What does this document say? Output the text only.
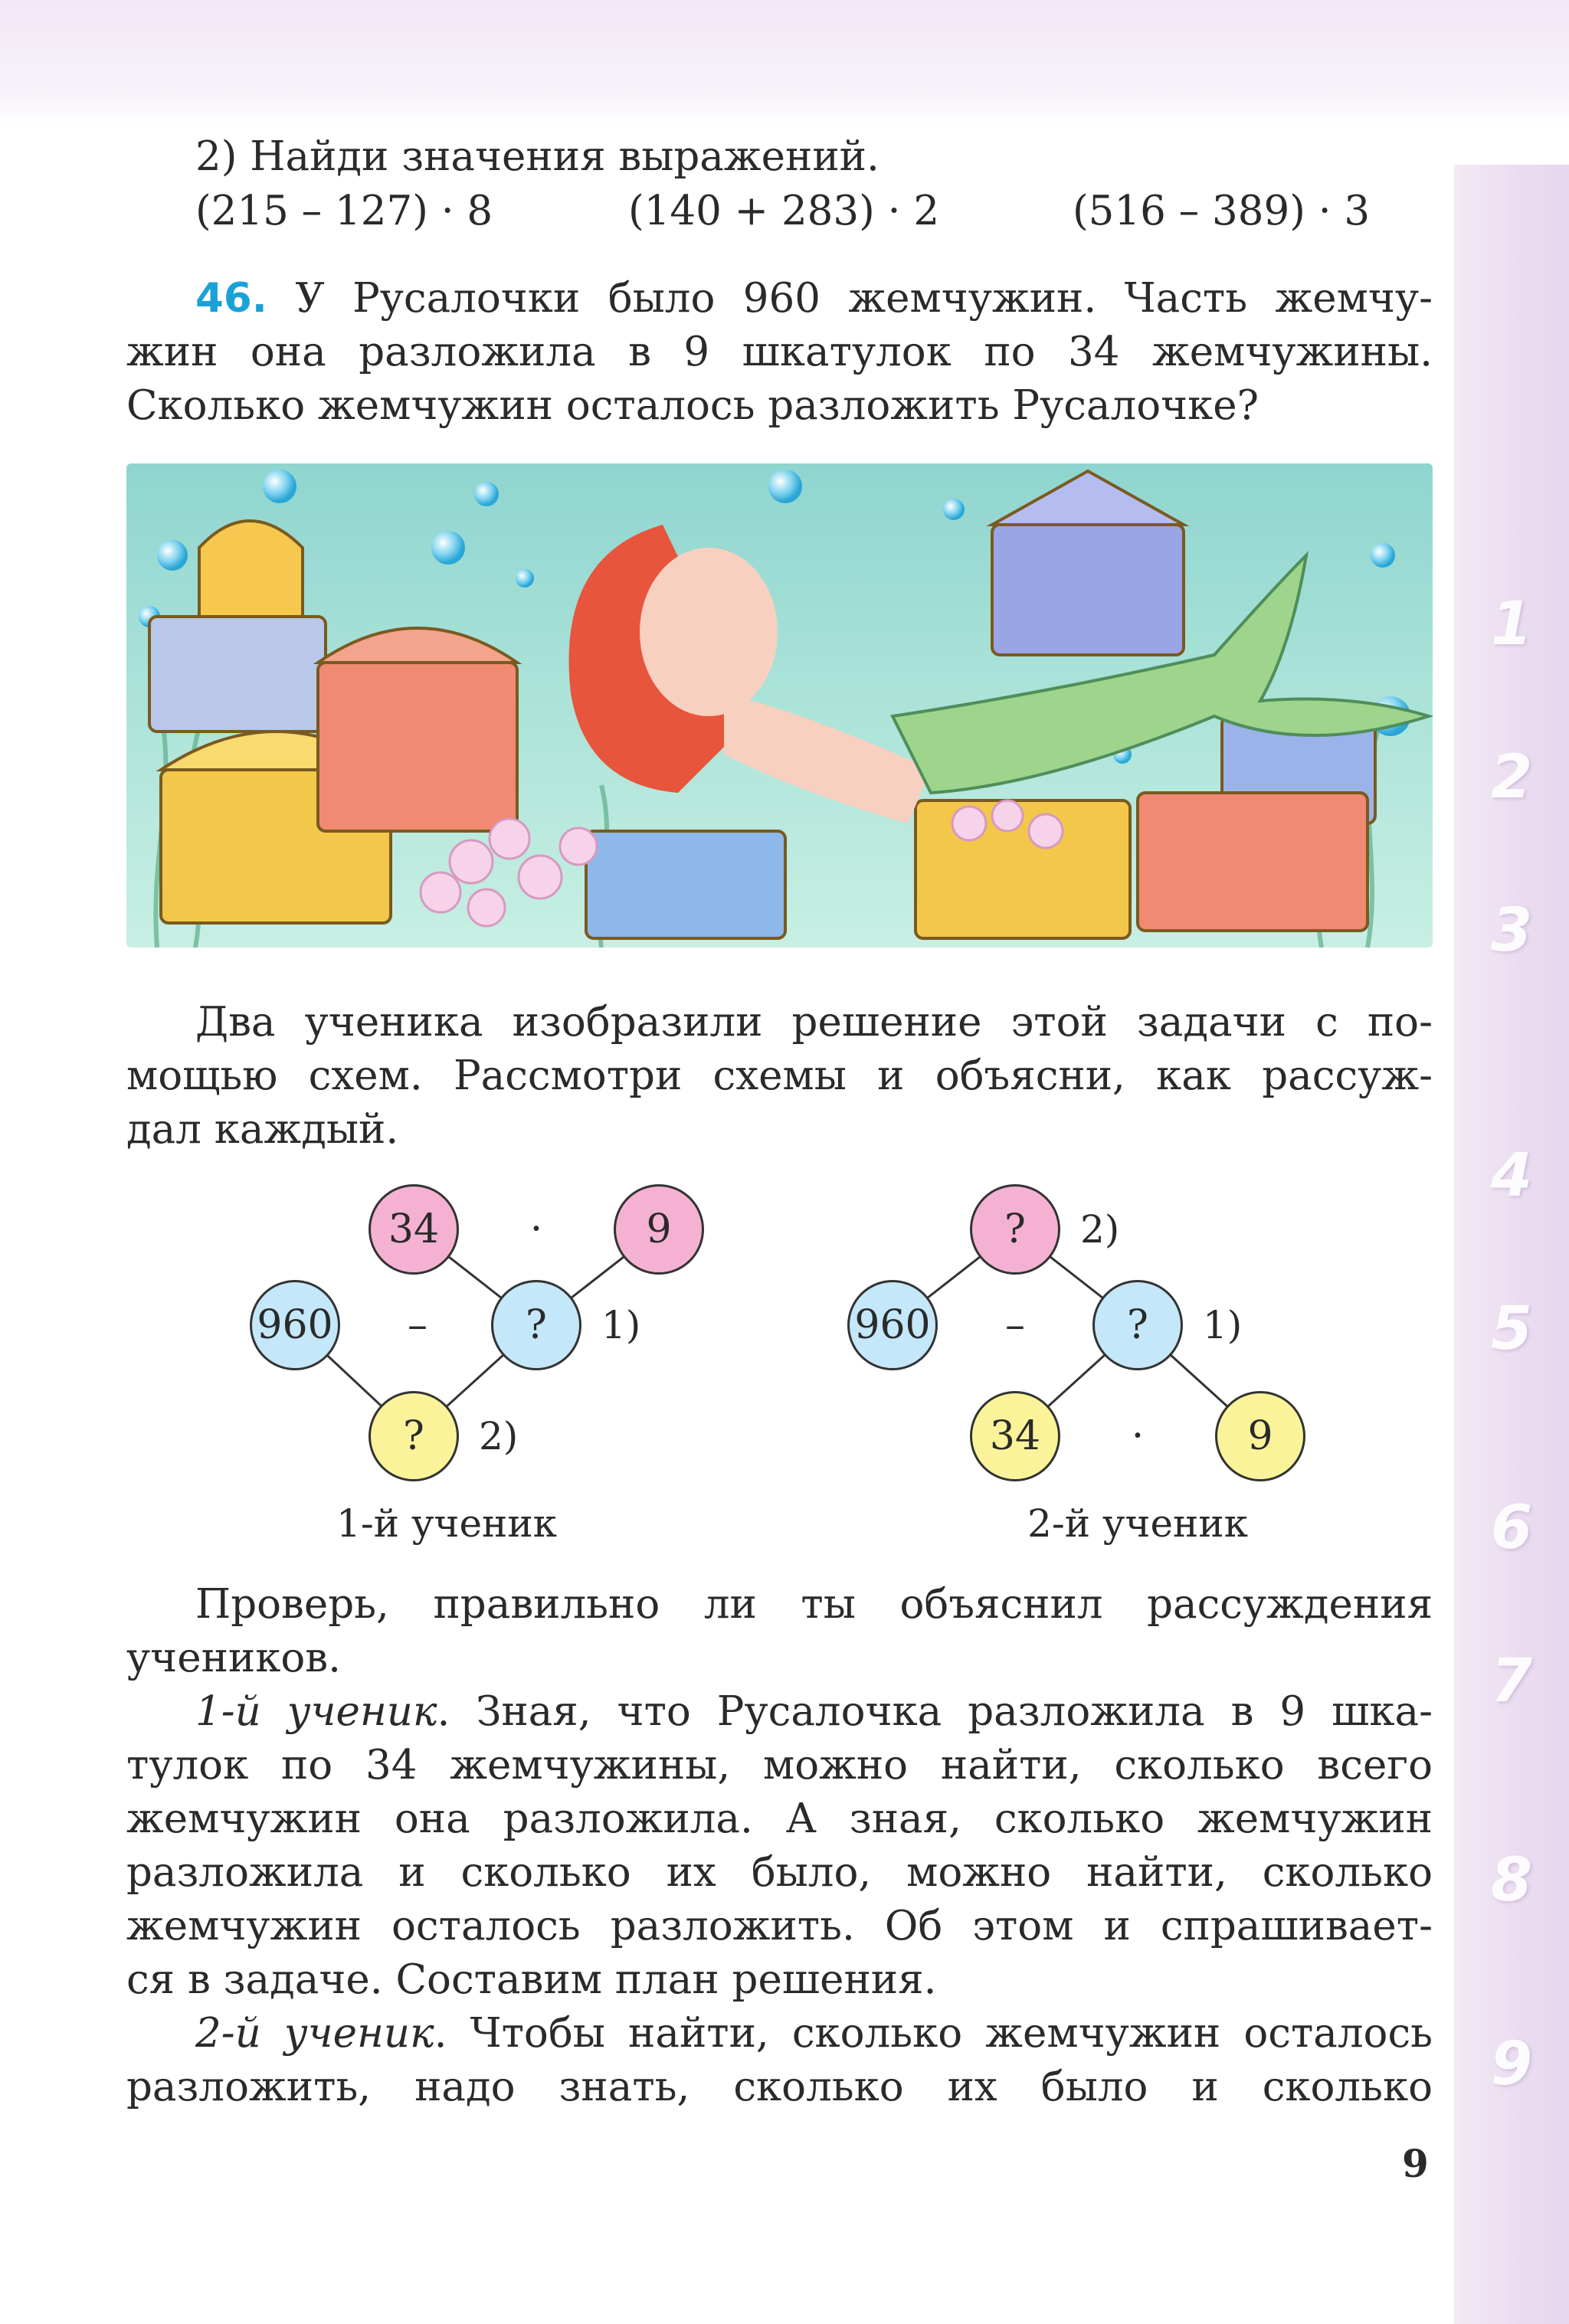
1
2
3
4
5
6
7
8
9
2) Найди значения выражений.
(215 – 127) · 8	(140 + 283) · 2	(516 – 389) · 3
46. У Русалочки было 960 жемчужин. Часть жемчу-
жин она разложила в 9 шкатулок по 34 жемчужины.
Сколько жемчужин осталось разложить Русалочке?
Два ученика изобразили решение этой задачи с по-
мощью схем. Рассмотри схемы и объясни, как рассуж-
дал каждый.
34	·	9
960 –	?	1)
?	2)
1-й ученик
?	2)
960 –	?	1)
34	·	9
2-й ученик
Проверь, правильно ли ты объяснил рассуждения
учеников.
1-й ученик. Зная, что Русалочка разложила в 9 шка-
тулок по 34 жемчужины, можно найти, сколько всего
жемчужин она разложила. А зная, сколько жемчужин
разложила и сколько их было, можно найти, сколько
жемчужин осталось разложить. Об этом и спрашивает-
ся в задаче. Составим план решения.
2-й ученик. Чтобы найти, сколько жемчужин осталось
разложить, надо знать, сколько их было и сколько
9
